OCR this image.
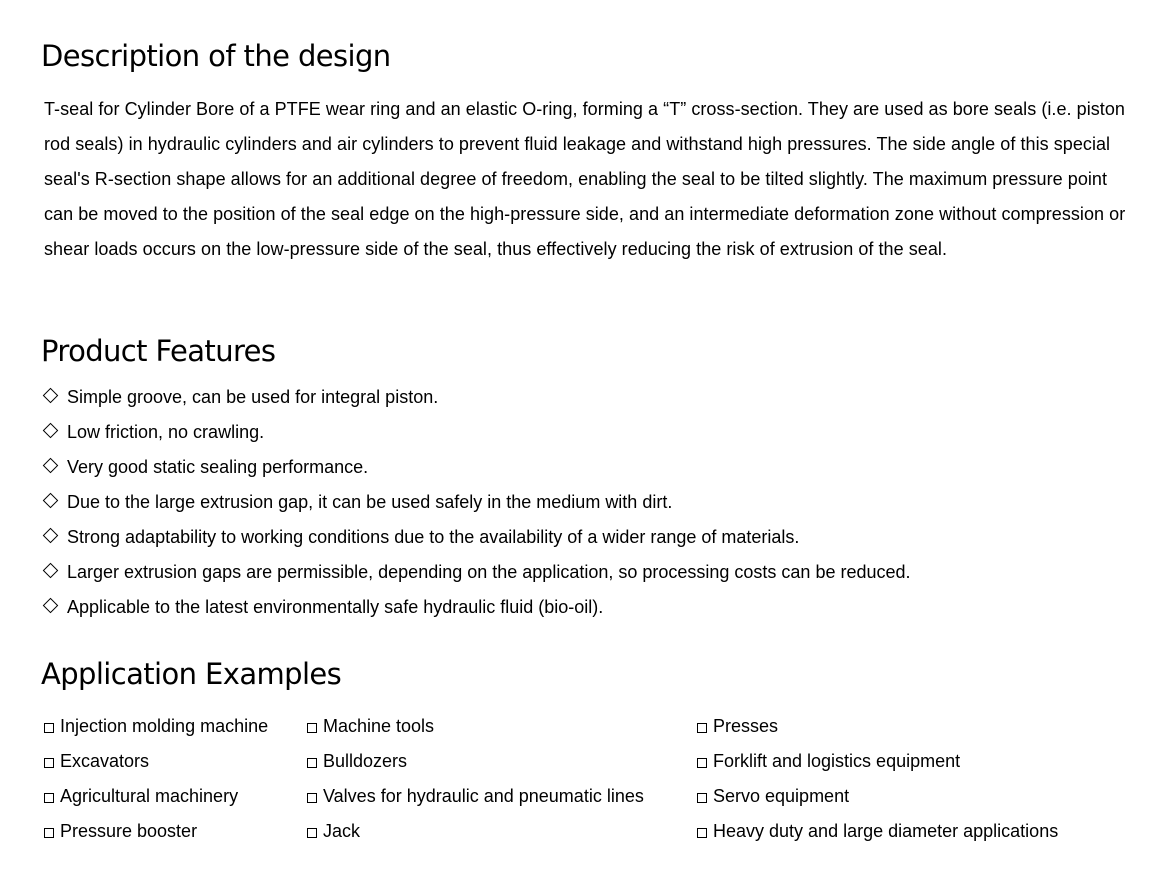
Description of the design

T-seal for Cylinder Bore of a PTFE wear ring and an elastic O-ring, forming a “T” cross-section. They are used as bore seals (i.e. piston rod seals) in hydraulic cylinders and air cylinders to prevent fluid leakage and withstand high pressures. The side angle of this special seal's R-section shape allows for an additional degree of freedom, enabling the seal to be tilted slightly. The maximum pressure point can be moved to the position of the seal edge on the high-pressure side, and an intermediate deformation zone without compression or shear loads occurs on the low-pressure side of the seal, thus effectively reducing the risk of extrusion of the seal.

Product Features
Simple groove, can be used for integral piston.
Low friction, no crawling.
Very good static sealing performance.
Due to the large extrusion gap, it can be used safely in the medium with dirt.
Strong adaptability to working conditions due to the availability of a wider range of materials.
Larger extrusion gaps are permissible, depending on the application, so processing costs can be reduced.
Applicable to the latest environmentally safe hydraulic fluid (bio-oil).
Application Examples
Injection molding machine	Machine tools	Presses
Excavators	Bulldozers	Forklift and logistics equipment
Agricultural machinery	Valves for hydraulic and pneumatic lines	Servo equipment
Pressure booster	Jack	Heavy duty and large diameter applications
